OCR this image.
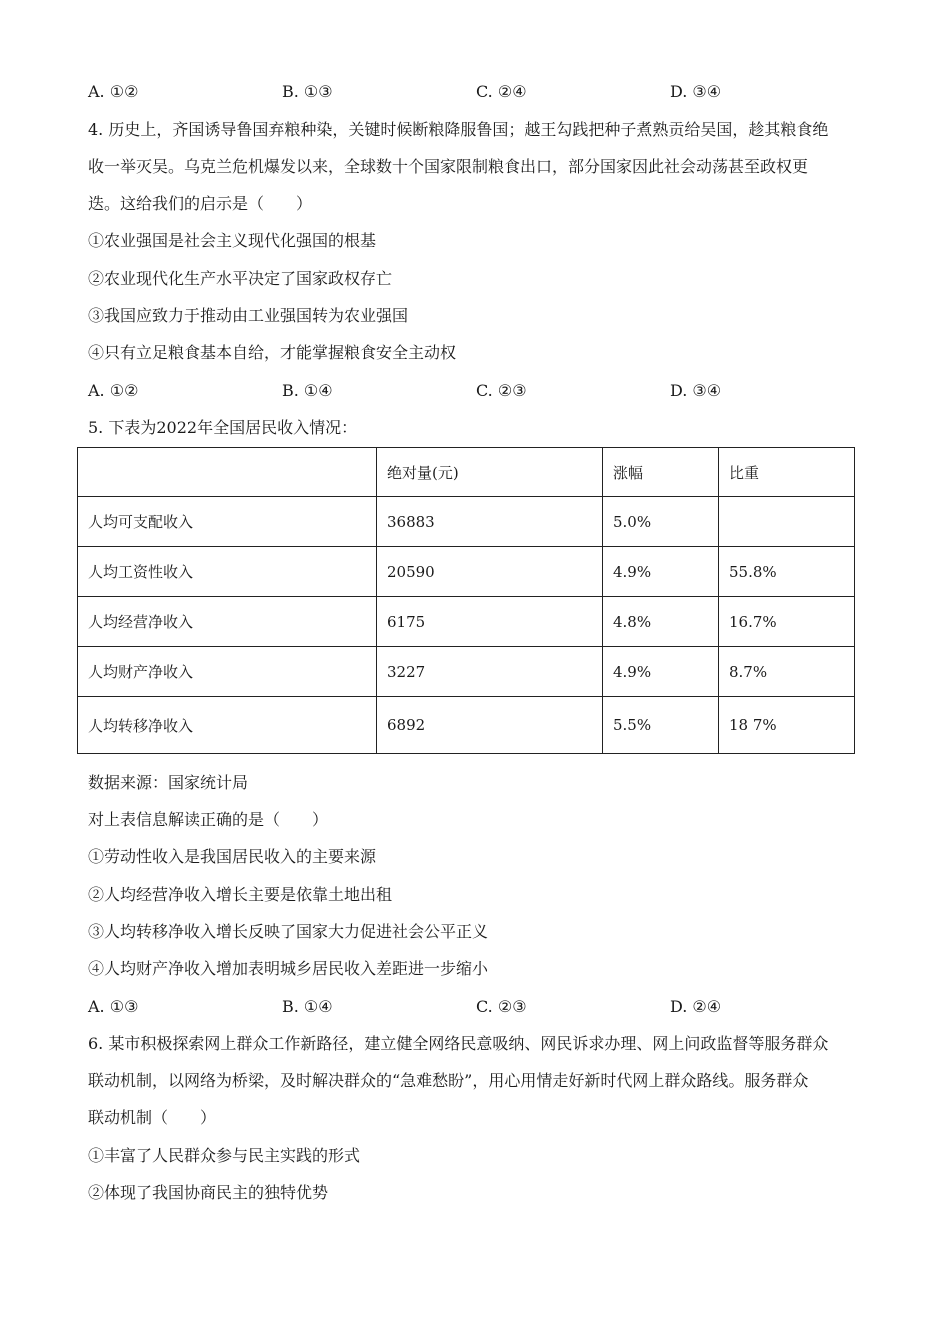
A. ①②	B. ①③	C. ②④	D. ③④
4. 历史上，齐国诱导鲁国弃粮种染，关键时候断粮降服鲁国；越王勾践把种子煮熟贡给吴国，趁其粮食绝
收一举灭吴。乌克兰危机爆发以来，全球数十个国家限制粮食出口，部分国家因此社会动荡甚至政权更
迭。这给我们的启示是（　　）
①农业强国是社会主义现代化强国的根基
②农业现代化生产水平决定了国家政权存亡
③我国应致力于推动由工业强国转为农业强国
④只有立足粮食基本自给，才能掌握粮食安全主动权
A. ①②	B. ①④	C. ②③	D. ③④
5. 下表为2022年全国居民收入情况：
	绝对量(元)	涨幅	比重
人均可支配收入	36883	5.0%	
人均工资性收入	20590	4.9%	55.8%
人均经营净收入	6175	4.8%	16.7%
人均财产净收入	3227	4.9%	8.7%
人均转移净收入	6892	5.5%	18 7%
数据来源：国家统计局
对上表信息解读正确的是（　　）
①劳动性收入是我国居民收入的主要来源
②人均经营净收入增长主要是依靠土地出租
③人均转移净收入增长反映了国家大力促进社会公平正义
④人均财产净收入增加表明城乡居民收入差距进一步缩小
A. ①③	B. ①④	C. ②③	D. ②④
6. 某市积极探索网上群众工作新路径，建立健全网络民意吸纳、网民诉求办理、网上问政监督等服务群众
联动机制，以网络为桥梁，及时解决群众的“急难愁盼”，用心用情走好新时代网上群众路线。服务群众
联动机制（　　）
①丰富了人民群众参与民主实践的形式
②体现了我国协商民主的独特优势
